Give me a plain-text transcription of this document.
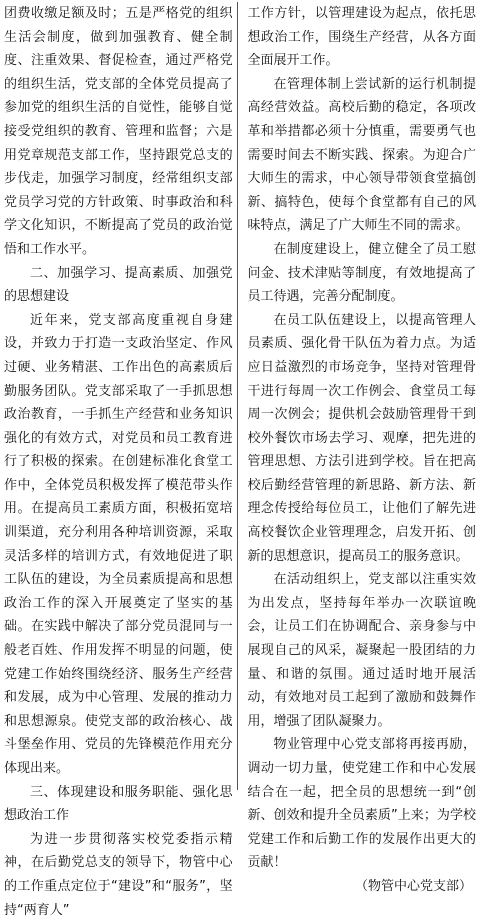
团费收缴足额及时；五是严格党的组织生活会制度，做到加强教育、健全制度、注重效果、督促检查，通过严格党的组织生活，党支部的全体党员提高了参加党的组织生活的自觉性，能够自觉接受党组织的教育、管理和监督；六是用党章规范支部工作，坚持跟党总支的步伐走，加强学习制度，经常组织支部党员学习党的方针政策、时事政治和科学文化知识，不断提高了党员的政治觉悟和工作水平。

二、加强学习、提高素质、加强党的思想建设

近年来，党支部高度重视自身建设，并致力于打造一支政治坚定、作风过硬、业务精湛、工作出色的高素质后勤服务团队。党支部采取了一手抓思想政治教育，一手抓生产经营和业务知识强化的有效方式，对党员和员工教育进行了积极的探索。在创建标准化食堂工作中，全体党员积极发挥了模范带头作用。在提高员工素质方面，积极拓宽培训渠道，充分利用各种培训资源，采取灵活多样的培训方式，有效地促进了职工队伍的建设，为全员素质提高和思想政治工作的深入开展奠定了坚实的基础。在实践中解决了部分党员混同与一般老百姓、作用发挥不明显的问题，使党建工作始终围绕经济、服务生产经营和发展，成为中心管理、发展的推动力和思想源泉。使党支部的政治核心、战斗堡垒作用、党员的先锋模范作用充分体现出来。

三、体现建设和服务职能、强化思想政治工作

为进一步贯彻落实校党委指示精神，在后勤党总支的领导下，物管中心的工作重点定位于“建设”和“服务”，坚持“两育人”

工作方针，以管理建设为起点，依托思想政治工作，围绕生产经营，从各方面全面展开工作。

在管理体制上尝试新的运行机制提高经营效益。高校后勤的稳定，各项改革和举措都必须十分慎重，需要勇气也需要时间去不断实践、探索。为迎合广大师生的需求，中心领导带领食堂搞创新、搞特色，使每个食堂都有自己的风味特点，满足了广大师生不同的需求。

在制度建设上，健立健全了员工慰问金、技术津贴等制度，有效地提高了员工待遇，完善分配制度。

在员工队伍建设上，以提高管理人员素质、强化骨干队伍为着力点。为适应日益激烈的市场竞争，坚持对管理骨干进行每周一次工作例会、食堂员工每周一次例会；提供机会鼓励管理骨干到校外餐饮市场去学习、观摩，把先进的管理思想、方法引进到学校。旨在把高校后勤经营管理的新思路、新方法、新理念传授给每位员工，让他们了解先进高校餐饮企业管理理念，启发开拓、创新的思想意识，提高员工的服务意识。

在活动组织上，党支部以注重实效为出发点，坚持每年举办一次联谊晚会，让员工们在协调配合、亲身参与中展现自己的风采，凝聚起一股团结的力量、和谐的氛围。通过适时地开展活动，有效地对员工起到了激励和鼓舞作用，增强了团队凝聚力。

物业管理中心党支部将再接再励，调动一切力量，使党建工作和中心发展结合在一起，把全员的思想统一到“创新、创效和提升全员素质”上来；为学校党建工作和后勤工作的发展作出更大的贡献！

（物管中心党支部）
